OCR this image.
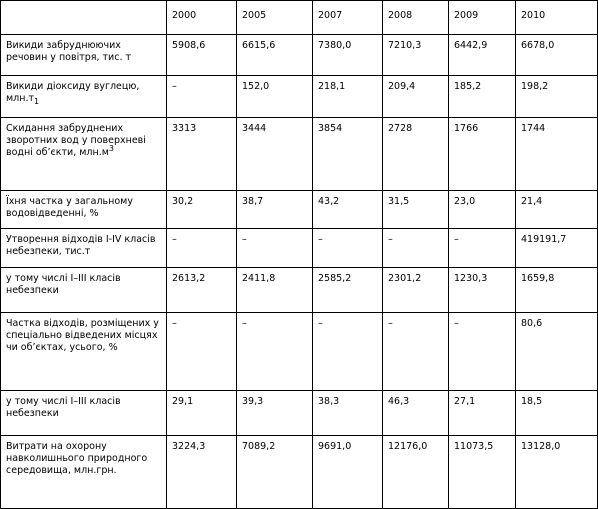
	2000	2005	2007	2008	2009	2010
Викиди забруднюючих речовин у повітря, тис. т	5908,6	6615,6	7380,0	7210,3	6442,9	6678,0
Викиди діоксиду вуглецю, $млн.т_1$	–	152,0	218,1	209,4	185,2	198,2
Скидання забруднених зворотних вод у поверхневі водні об’єкти, $млн.м^3$	3313	3444	3854	2728	1766	1744
Їхня частка у загальному водовідведенні, %	30,2	38,7	43,2	31,5	23,0	21,4
Утворення відходів I-IV класів небезпеки, тис.т	–	–	–	–	–	419191,7
у тому числі I–III класів небезпеки	2613,2	2411,8	2585,2	2301,2	1230,3	1659,8
Частка відходів, розміщених у спеціально відведених місцях чи об’єктах, усього, %	–	–	–	–	–	80,6
у тому числі I–III класів небезпеки	29,1	39,3	38,3	46,3	27,1	18,5
Витрати на охорону навколишнього природного середовища, млн.грн.	3224,3	7089,2	9691,0	12176,0	11073,5	13128,0
